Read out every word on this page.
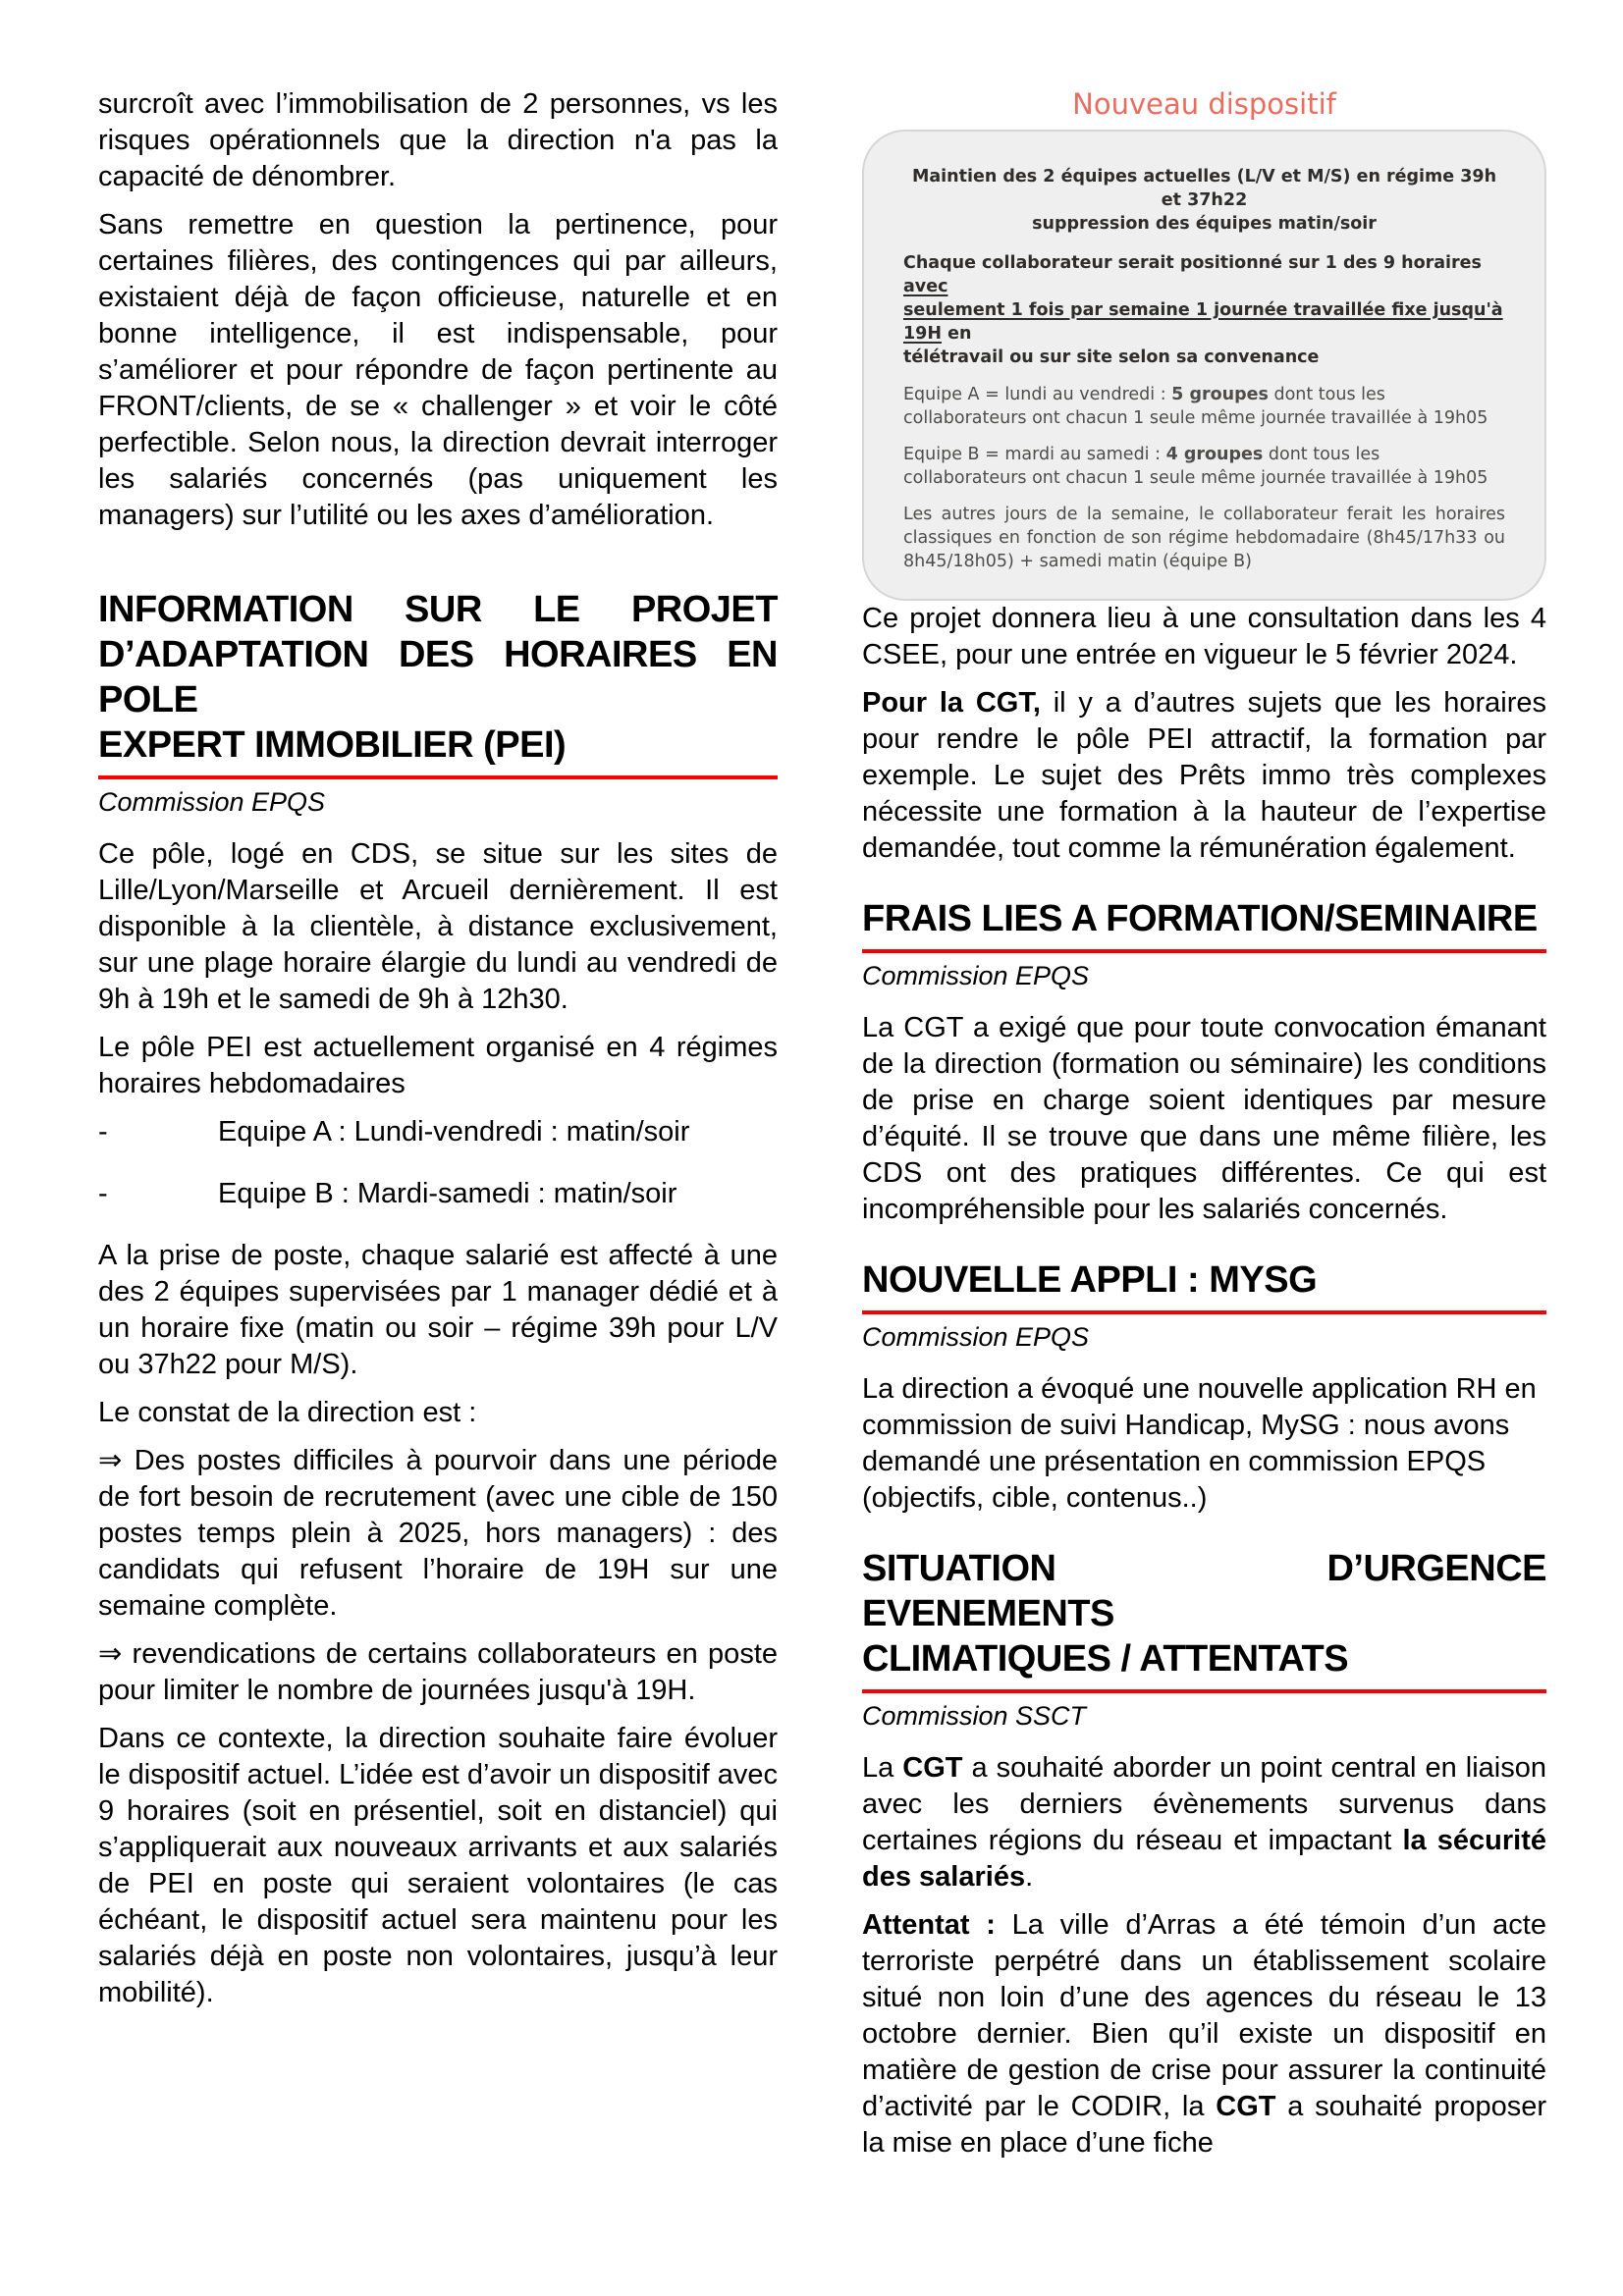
surcroît avec l’immobilisation de 2 personnes, vs les risques opérationnels que la direction n'a pas la capacité de dénombrer.

Sans remettre en question la pertinence, pour certaines filières, des contingences qui par ailleurs, existaient déjà de façon officieuse, naturelle et en bonne intelligence, il est indispensable, pour s’améliorer et pour répondre de façon pertinente au FRONT/clients, de se « challenger » et voir le côté perfectible. Selon nous, la direction devrait interroger les salariés concernés (pas uniquement les managers) sur l’utilité ou les axes d’amélioration.

INFORMATION SUR LE PROJET
D’ADAPTATION DES HORAIRES EN POLE
EXPERT IMMOBILIER (PEI)
Commission EPQS

Ce pôle, logé en CDS, se situe sur les sites de Lille/Lyon/Marseille et Arcueil dernièrement. Il est disponible à la clientèle, à distance exclusivement, sur une plage horaire élargie du lundi au vendredi de 9h à 19h et le samedi de 9h à 12h30.

Le pôle PEI est actuellement organisé en 4 régimes horaires hebdomadaires

-	Equipe A : Lundi-vendredi : matin/soir
-	Equipe B : Mardi-samedi : matin/soir

A la prise de poste, chaque salarié est affecté à une des 2 équipes supervisées par 1 manager dédié et à un horaire fixe (matin ou soir – régime 39h pour L/V ou 37h22 pour M/S).

Le constat de la direction est :

⇒ Des postes difficiles à pourvoir dans une période de fort besoin de recrutement (avec une cible de 150 postes temps plein à 2025, hors managers) : des candidats qui refusent l’horaire de 19H sur une semaine complète.

⇒ revendications de certains collaborateurs en poste pour limiter le nombre de journées jusqu'à 19H.

Dans ce contexte, la direction souhaite faire évoluer le dispositif actuel. L’idée est d’avoir un dispositif avec 9 horaires (soit en présentiel, soit en distanciel) qui s’appliquerait aux nouveaux arrivants et aux salariés de PEI en poste qui seraient volontaires (le cas échéant, le dispositif actuel sera maintenu pour les salariés déjà en poste non volontaires, jusqu’à leur mobilité).

Nouveau dispositif
Maintien des 2 équipes actuelles (L/V et M/S) en régime 39h et 37h22
suppression des équipes matin/soir
Chaque collaborateur serait positionné sur 1 des 9 horaires avec
seulement 1 fois par semaine 1 journée travaillée fixe jusqu'à 19H en
télétravail ou sur site selon sa convenance

Equipe A = lundi au vendredi : 5 groupes dont tous les collaborateurs ont chacun 1 seule même journée travaillée à 19h05

Equipe B = mardi au samedi : 4 groupes dont tous les collaborateurs ont chacun 1 seule même journée travaillée à 19h05

Les autres jours de la semaine, le collaborateur ferait les horaires classiques en fonction de son régime hebdomadaire (8h45/17h33 ou 8h45/18h05) + samedi matin (équipe B)

Ce projet donnera lieu à une consultation dans les 4 CSEE, pour une entrée en vigueur le 5 février 2024.

Pour la CGT, il y a d’autres sujets que les horaires pour rendre le pôle PEI attractif, la formation par exemple. Le sujet des Prêts immo très complexes nécessite une formation à la hauteur de l’expertise demandée, tout comme la rémunération également.

FRAIS LIES A FORMATION/SEMINAIRE
Commission EPQS

La CGT a exigé que pour toute convocation émanant de la direction (formation ou séminaire) les conditions de prise en charge soient identiques par mesure d’équité. Il se trouve que dans une même filière, les CDS ont des pratiques différentes. Ce qui est incompréhensible pour les salariés concernés.

NOUVELLE APPLI : MYSG
Commission EPQS

La direction a évoqué une nouvelle application RH en commission de suivi Handicap, MySG : nous avons demandé une présentation en commission EPQS (objectifs, cible, contenus..)

SITUATION D’URGENCE EVENEMENTS
CLIMATIQUES / ATTENTATS
Commission SSCT

La CGT a souhaité aborder un point central en liaison avec les derniers évènements survenus dans certaines régions du réseau et impactant la sécurité des salariés.

Attentat : La ville d’Arras a été témoin d’un acte terroriste perpétré dans un établissement scolaire situé non loin d’une des agences du réseau le 13 octobre dernier. Bien qu’il existe un dispositif en matière de gestion de crise pour assurer la continuité d’activité par le CODIR, la CGT a souhaité proposer la mise en place d’une fiche
